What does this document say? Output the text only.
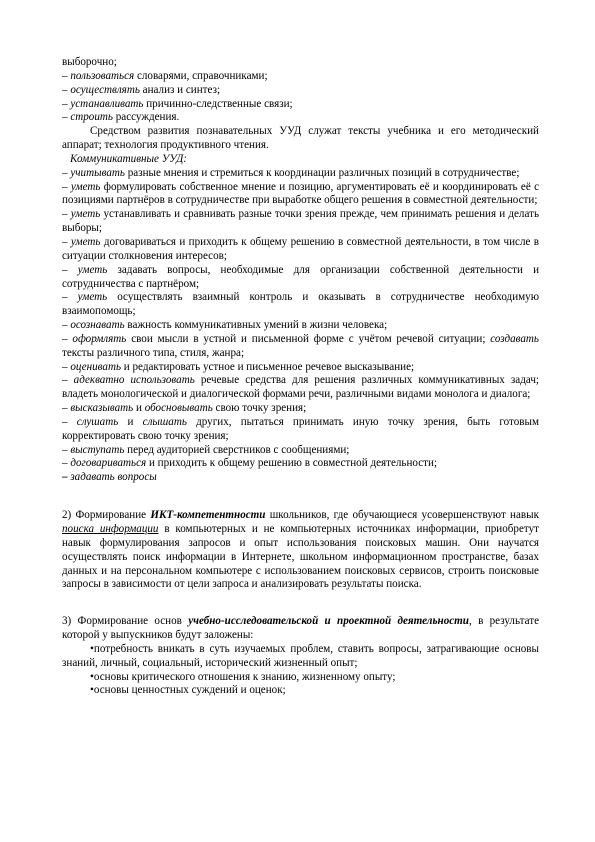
выборочно;

– пользоваться словарями, справочниками;

– осуществлять анализ и синтез;

– устанавливать причинно-следственные связи;

– строить рассуждения.

Средством развития познавательных УУД служат тексты учебника и его методический аппарат; технология продуктивного чтения.

Коммуникативные УУД:

– учитывать разные мнения и стремиться к координации различных позиций в сотрудничестве;

– уметь формулировать собственное мнение и позицию, аргументировать её и координировать её с позициями партнёров в сотрудничестве при выработке общего решения в совместной деятельности;

– уметь устанавливать и сравнивать разные точки зрения прежде, чем принимать решения и делать выборы;

– уметь договариваться и приходить к общему решению в совместной деятельности, в том числе в ситуации столкновения интересов;

– уметь задавать вопросы, необходимые для организации собственной деятельности и сотрудничества с партнёром;

– уметь осуществлять взаимный контроль и оказывать в сотрудничестве необходимую взаимопомощь;

– осознавать важность коммуникативных умений в жизни человека;

– оформлять свои мысли в устной и письменной форме с учётом речевой ситуации; создавать тексты различного типа, стиля, жанра;

– оценивать и редактировать устное и письменное речевое высказывание;

– адекватно использовать речевые средства для решения различных коммуникативных задач; владеть монологической и диалогической формами речи, различными видами монолога и диалога;

– высказывать и обосновывать свою точку зрения;

– слушать и слышать других, пытаться принимать иную точку зрения, быть готовым корректировать свою точку зрения;

– выступать перед аудиторией сверстников с сообщениями;

– договариваться и приходить к общему решению в совместной деятельности;

– задавать вопросы

2) Формирование ИКТ-компетентности школьников, где обучающиеся усовершенствуют навык поиска информации в компьютерных и не компьютерных источниках информации, приобретут навык формулирования запросов и опыт использования поисковых машин. Они научатся осуществлять поиск информации в Интернете, школьном информационном пространстве, базах данных и на персональном компьютере с использованием поисковых сервисов, строить поисковые запросы в зависимости от цели запроса и анализировать результаты поиска.

3) Формирование основ учебно-исследовательской и проектной деятельности, в результате которой у выпускников будут заложены:

•потребность вникать в суть изучаемых проблем, ставить вопросы, затрагивающие основы знаний, личный, социальный, исторический жизненный опыт;

•основы критического отношения к знанию, жизненному опыту;

•основы ценностных суждений и оценок;
